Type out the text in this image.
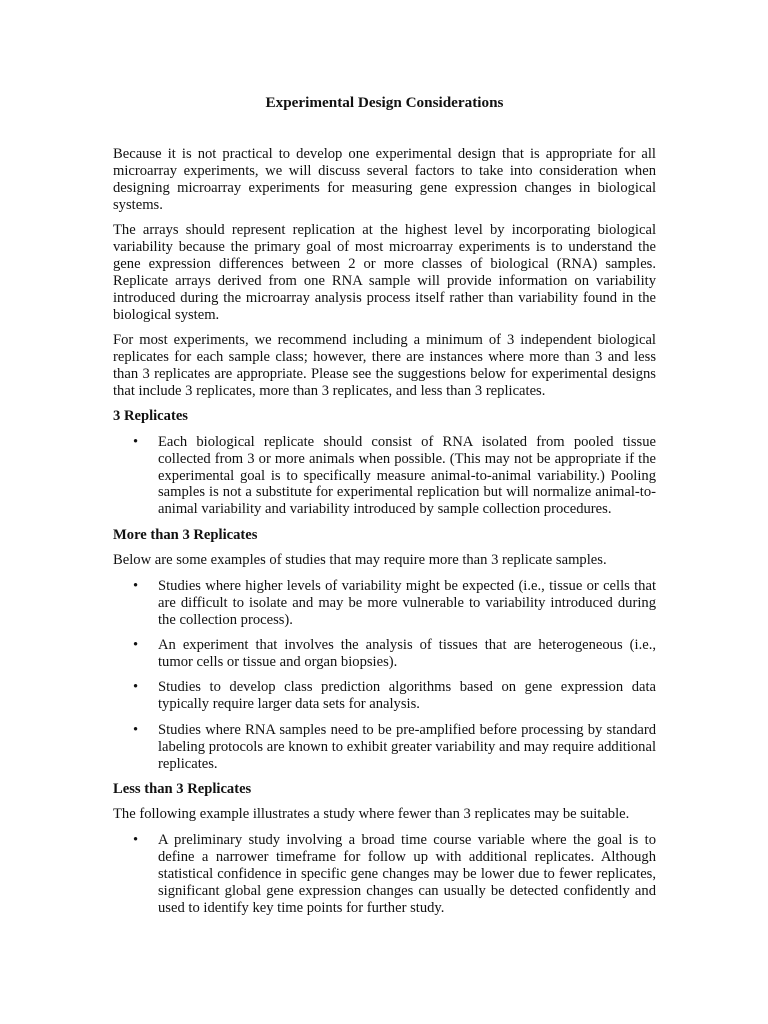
Experimental Design Considerations

Because it is not practical to develop one experimental design that is appropriate for all microarray experiments, we will discuss several factors to take into consideration when designing microarray experiments for measuring gene expression changes in biological systems.

The arrays should represent replication at the highest level by incorporating biological variability because the primary goal of most microarray experiments is to understand the gene expression differences between 2 or more classes of biological (RNA) samples. Replicate arrays derived from one RNA sample will provide information on variability introduced during the microarray analysis process itself rather than variability found in the biological system.

For most experiments, we recommend including a minimum of 3 independent biological replicates for each sample class; however, there are instances where more than 3 and less than 3 replicates are appropriate. Please see the suggestions below for experimental designs that include 3 replicates, more than 3 replicates, and less than 3 replicates.

3 Replicates
• Each biological replicate should consist of RNA isolated from pooled tissue collected from 3 or more animals when possible. (This may not be appropriate if the experimental goal is to specifically measure animal-to-animal variability.) Pooling samples is not a substitute for experimental replication but will normalize animal-to-animal variability and variability introduced by sample collection procedures.
More than 3 Replicates

Below are some examples of studies that may require more than 3 replicate samples.

• Studies where higher levels of variability might be expected (i.e., tissue or cells that are difficult to isolate and may be more vulnerable to variability introduced during the collection process).
• An experiment that involves the analysis of tissues that are heterogeneous (i.e., tumor cells or tissue and organ biopsies).
• Studies to develop class prediction algorithms based on gene expression data typically require larger data sets for analysis.
• Studies where RNA samples need to be pre-amplified before processing by standard labeling protocols are known to exhibit greater variability and may require additional replicates.
Less than 3 Replicates

The following example illustrates a study where fewer than 3 replicates may be suitable.

• A preliminary study involving a broad time course variable where the goal is to define a narrower timeframe for follow up with additional replicates. Although statistical confidence in specific gene changes may be lower due to fewer replicates, significant global gene expression changes can usually be detected confidently and used to identify key time points for further study.
